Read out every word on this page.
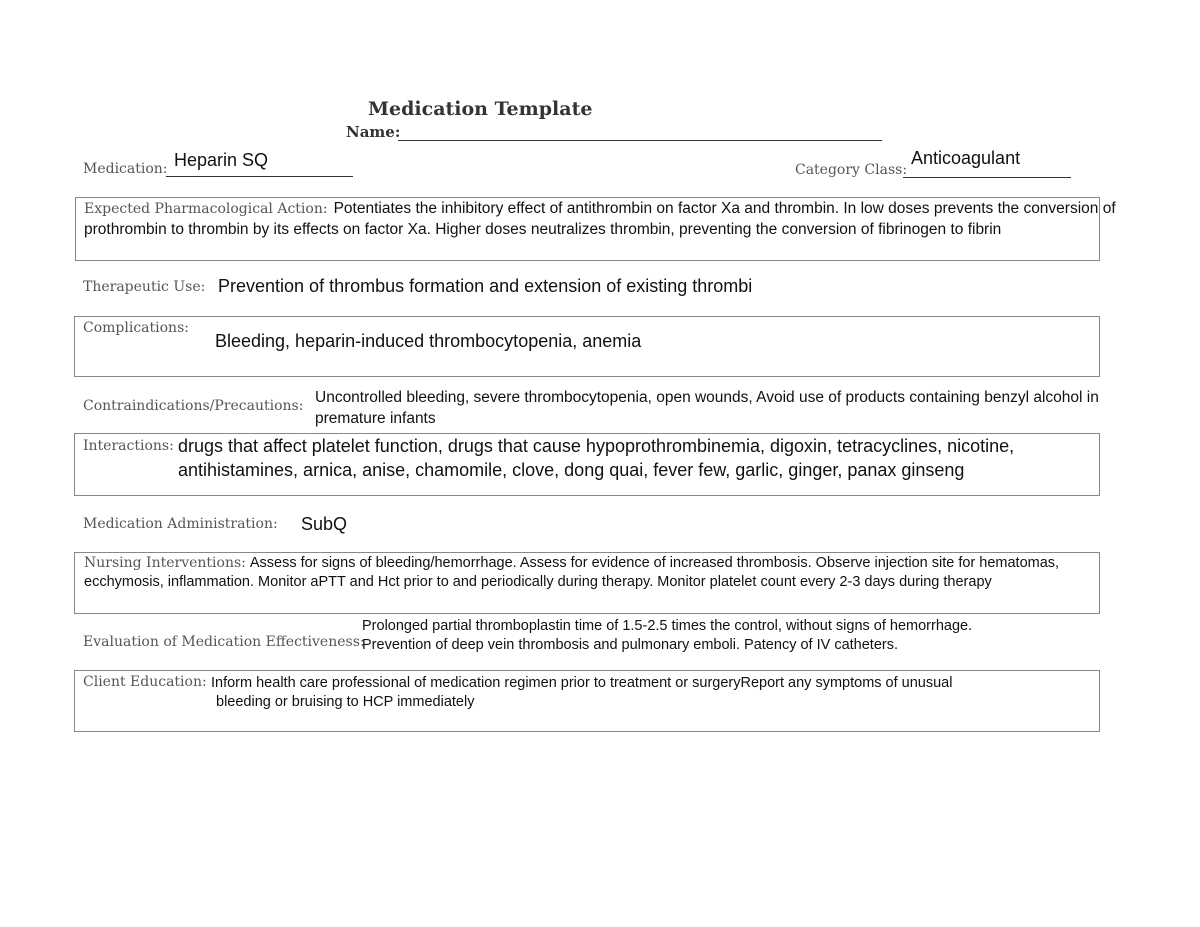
Medication Template
Name:
Medication: Heparin SQ	Category Class:
Anticoagulant
Expected Pharmacological Action: Potentiates the inhibitory effect of antithrombin on factor Xa and thrombin. In low doses prevents the conversion of prothrombin to thrombin by its effects on factor Xa. Higher doses neutralizes thrombin, preventing the conversion of fibrinogen to fibrin
Therapeutic Use: Prevention of thrombus formation and extension of existing thrombi
Complications:
Bleeding, heparin-induced thrombocytopenia, anemia
Contraindications/Precautions: Uncontrolled bleeding, severe thrombocytopenia, open wounds, Avoid use of products containing benzyl alcohol in premature infants
Interactions: drugs that affect platelet function, drugs that cause hypoprothrombinemia, digoxin, tetracyclines, nicotine,
antihistamines, arnica, anise, chamomile, clove, dong quai, fever few, garlic, ginger, panax ginseng
Medication Administration: SubQ
Nursing Interventions: Assess for signs of bleeding/hemorrhage. Assess for evidence of increased thrombosis. Observe injection site for hematomas, ecchymosis, inflammation. Monitor aPTT and Hct prior to and periodically during therapy. Monitor platelet count every 2-3 days during therapy
Evaluation of Medication Effectiveness:
Prolonged partial thromboplastin time of 1.5-2.5 times the control, without signs of hemorrhage.
Prevention of deep vein thrombosis and pulmonary emboli. Patency of IV catheters.
Client Education: Inform health care professional of medication regimen prior to treatment or surgeryReport any symptoms of unusual
bleeding or bruising to HCP immediately
